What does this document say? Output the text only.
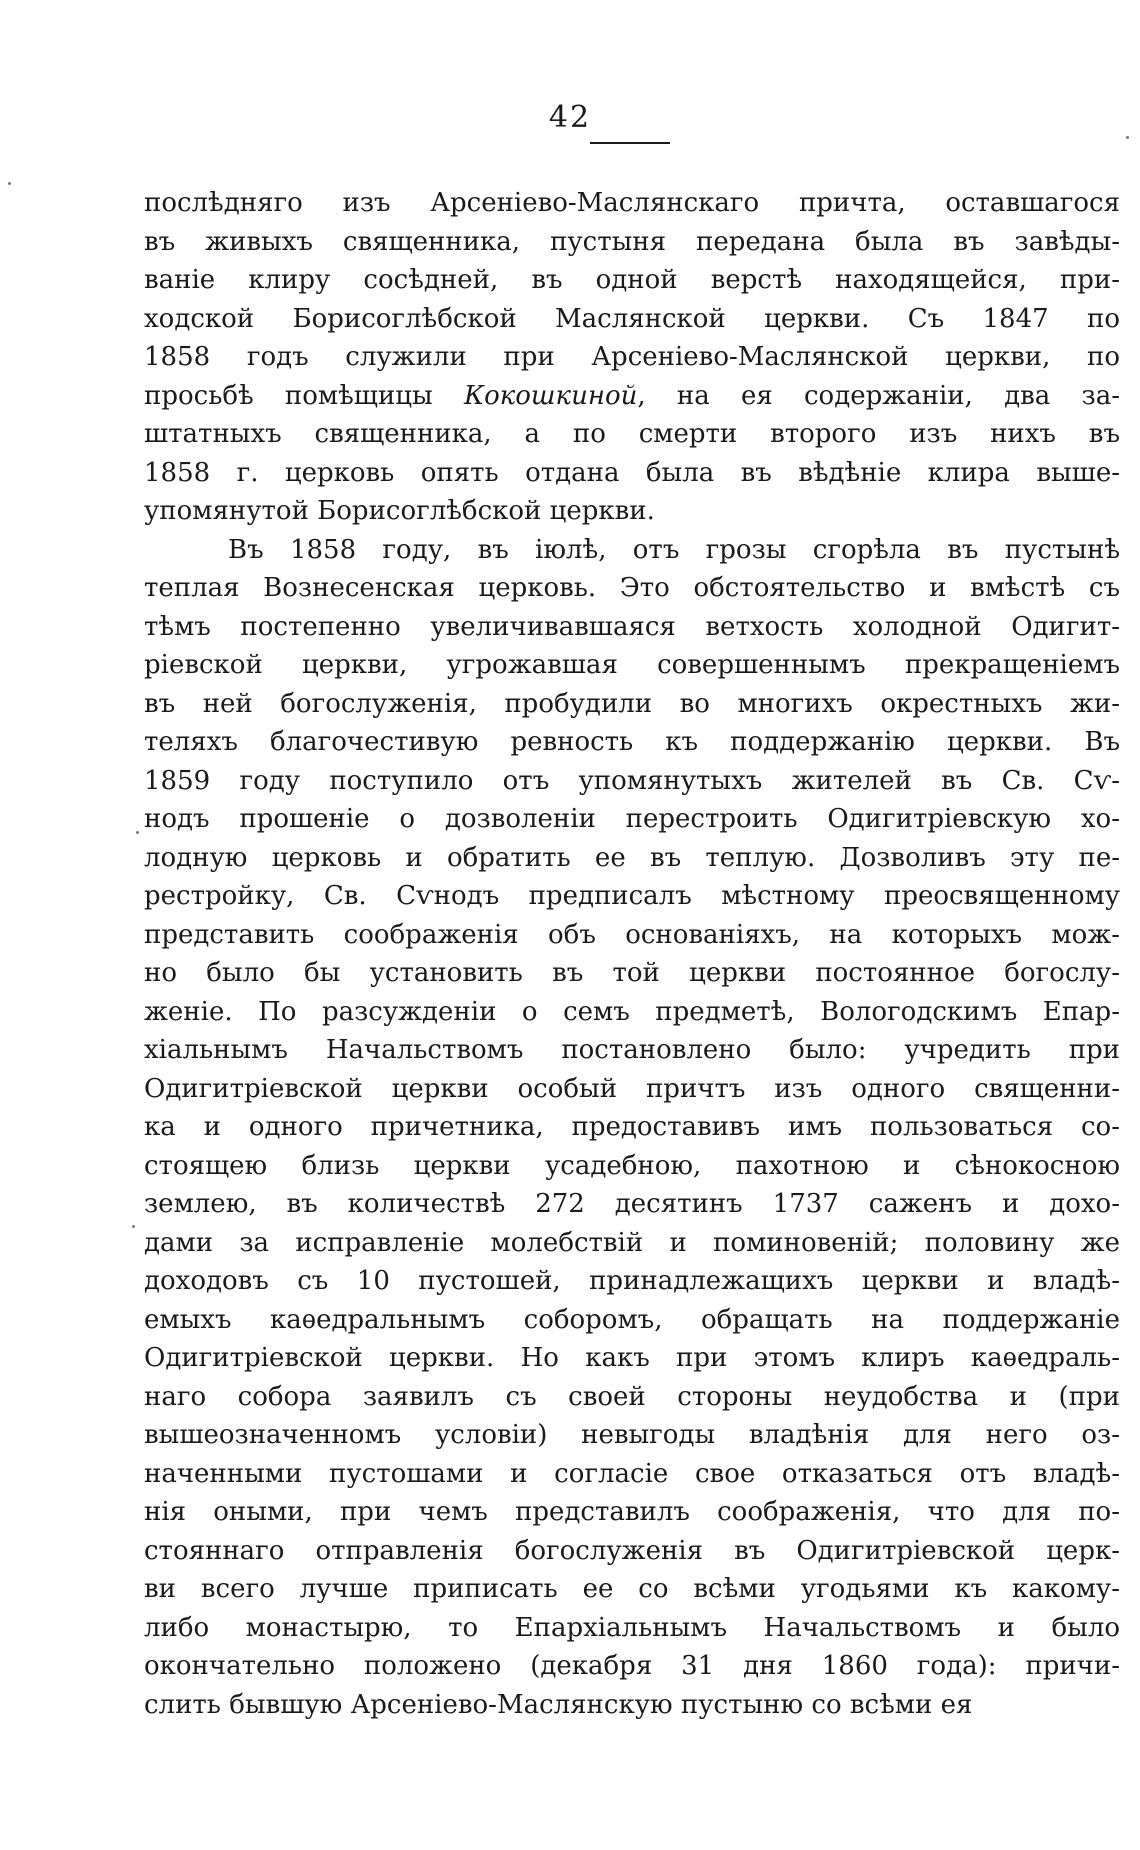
42
послѣдняго изъ Арсеніево-Маслянскаго причта, оставшагося
въ живыхъ священника, пустыня передана была въ завѣды-
ваніе клиру сосѣдней, въ одной верстѣ находящейся, при-
ходской Борисоглѣбской Маслянской церкви. Съ 1847 по
1858 годъ служили при Арсеніево-Маслянской церкви, по
просьбѣ помѣщицы Кокошкиной, на ея содержаніи, два за-
штатныхъ священника, а по смерти второго изъ нихъ въ
1858 г. церковь опять отдана была въ вѣдѣніе клира выше-
упомянутой Борисоглѣбской церкви.
Въ 1858 году, въ іюлѣ, отъ грозы сгорѣла въ пустынѣ
теплая Вознесенская церковь. Это обстоятельство и вмѣстѣ съ
тѣмъ постепенно увеличивавшаяся ветхость холодной Одигит-
ріевской церкви, угрожавшая совершеннымъ прекращеніемъ
въ ней богослуженія, пробудили во многихъ окрестныхъ жи-
теляхъ благочестивую ревность къ поддержанію церкви. Въ
1859 году поступило отъ упомянутыхъ жителей въ Св. Сѵ-
нодъ прошеніе о дозволеніи перестроить Одигитріевскую хо-
лодную церковь и обратить ее въ теплую. Дозволивъ эту пе-
рестройку, Св. Сѵнодъ предписалъ мѣстному преосвященному
представить соображенія объ основаніяхъ, на которыхъ мож-
но было бы установить въ той церкви постоянное богослу-
женіе. По разсужденіи о семъ предметѣ, Вологодскимъ Епар-
хіальнымъ Начальствомъ постановлено было: учредить при
Одигитріевской церкви особый причтъ изъ одного священни-
ка и одного причетника, предоставивъ имъ пользоваться со-
стоящею близь церкви усадебною, пахотною и сѣнокосною
землею, въ количествѣ 272 десятинъ 1737 саженъ и дохо-
дами за исправленіе молебствій и поминовеній; половину же
доходовъ съ 10 пустошей, принадлежащихъ церкви и владѣ-
емыхъ каѳедральнымъ соборомъ, обращать на поддержаніе
Одигитріевской церкви. Но какъ при этомъ клиръ каѳедраль-
наго собора заявилъ съ своей стороны неудобства и (при
вышеозначенномъ условіи) невыгоды владѣнія для него оз-
наченными пустошами и согласіе свое отказаться отъ владѣ-
нія оными, при чемъ представилъ соображенія, что для по-
стояннаго отправленія богослуженія въ Одигитріевской церк-
ви всего лучше приписать ее со всѣми угодьями къ какому-
либо монастырю, то Епархіальнымъ Начальствомъ и было
окончательно положено (декабря 31 дня 1860 года): причи-
слить бывшую Арсеніево-Маслянскую пустыню со всѣми ея
